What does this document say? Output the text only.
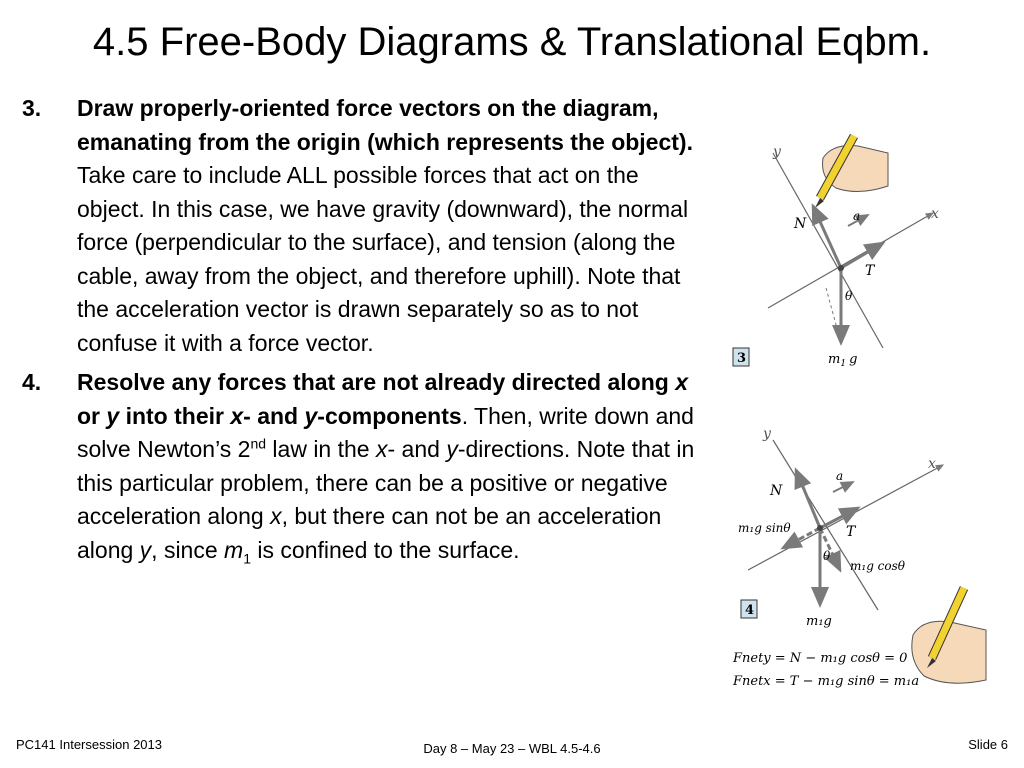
4.5 Free-Body Diagrams & Translational Eqbm.
3. Draw properly-oriented force vectors on the diagram, emanating from the origin (which represents the object).  Take care to include ALL possible forces that act on the object. In this case, we have gravity (downward), the normal force (perpendicular to the surface), and tension (along the cable, away from the object, and therefore uphill). Note that the acceleration vector is drawn separately so as to not confuse it with a force vector.
4. Resolve any forces that are not already directed along x or y into their x- and y-components. Then, write down and solve Newton’s 2nd law in the x- and y-directions. Note that in this particular problem, there can be a positive or negative acceleration along x, but there can not be an acceleration along y, since $m_1$ is confined to the surface.
y
x
N	a
T
θ
$m_1$ g
3
y
x
N
a
T
θ
m₁g sinθ
m₁g cosθ
m₁g
4
Fnety = N − m₁g cosθ = 0
Fnetx = T − m₁g sinθ = m₁a
PC141 Intersession 2013	Day 8 – May 23 – WBL 4.5-4.6	Slide 6
